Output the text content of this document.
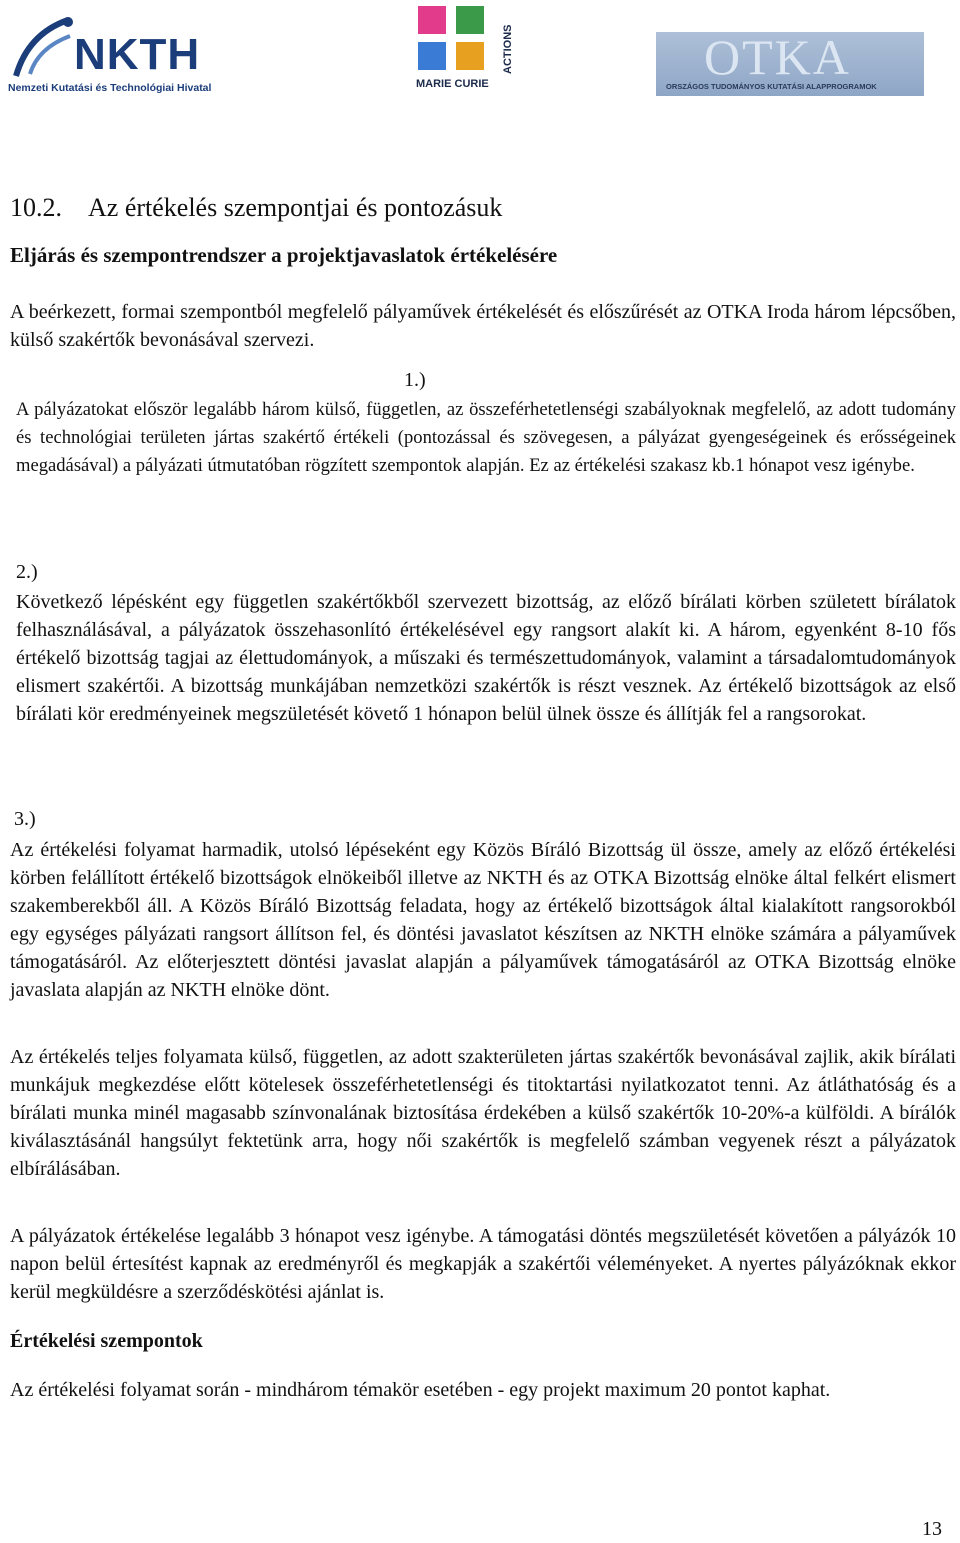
NKTH
Nemzeti Kutatási és Technológiai Hivatal
ACTIONS
MARIE CURIE	OTKA
ORSZÁGOS TUDOMÁNYOS KUTATÁSI ALAPPROGRAMOK
10.2. Az értékelés szempontjai és pontozásuk
Eljárás és szempontrendszer a projektjavaslatok értékelésére
A beérkezett, formai szempontból megfelelő pályaművek értékelését és előszűrését az OTKA Iroda három lépcsőben, külső szakértők bevonásával szervezi.
1.)
A pályázatokat először legalább három külső, független, az összeférhetetlenségi szabályoknak megfelelő, az adott tudomány és technológiai területen jártas szakértő értékeli (pontozással és szövegesen, a pályázat gyengeségeinek és erősségeinek megadásával) a pályázati útmutatóban rögzített szempontok alapján. Ez az értékelési szakasz kb.1 hónapot vesz igénybe.
2.)
Következő lépésként egy független szakértőkből szervezett bizottság, az előző bírálati körben született bírálatok felhasználásával, a pályázatok összehasonlító értékelésével egy rangsort alakít ki. A három, egyenként 8-10 fős értékelő bizottság tagjai az élettudományok, a műszaki és természettudományok, valamint a társadalomtudományok elismert szakértői. A bizottság munkájában nemzetközi szakértők is részt vesznek. Az értékelő bizottságok az első bírálati kör eredményeinek megszületését követő 1 hónapon belül ülnek össze és állítják fel a rangsorokat.
3.)
Az értékelési folyamat harmadik, utolsó lépéseként egy Közös Bíráló Bizottság ül össze, amely az előző értékelési körben felállított értékelő bizottságok elnökeiből illetve az NKTH és az OTKA Bizottság elnöke által felkért elismert szakemberekből áll. A Közös Bíráló Bizottság feladata, hogy az értékelő bizottságok által kialakított rangsorokból egy egységes pályázati rangsort állítson fel, és döntési javaslatot készítsen az NKTH elnöke számára a pályaművek támogatásáról. Az előterjesztett döntési javaslat alapján a pályaművek támogatásáról az OTKA Bizottság elnöke javaslata alapján az NKTH elnöke dönt.
Az értékelés teljes folyamata külső, független, az adott szakterületen jártas szakértők bevonásával zajlik, akik bírálati munkájuk megkezdése előtt kötelesek összeférhetetlenségi és titoktartási nyilatkozatot tenni. Az átláthatóság és a bírálati munka minél magasabb színvonalának biztosítása érdekében a külső szakértők 10-20%-a külföldi. A bírálók kiválasztásánál hangsúlyt fektetünk arra, hogy női szakértők is megfelelő számban vegyenek részt a pályázatok elbírálásában.
A pályázatok értékelése legalább 3 hónapot vesz igénybe. A támogatási döntés megszületését követően a pályázók 10 napon belül értesítést kapnak az eredményről és megkapják a szakértői véleményeket. A nyertes pályázóknak ekkor kerül megküldésre a szerződéskötési ajánlat is.
Értékelési szempontok
Az értékelési folyamat során - mindhárom témakör esetében - egy projekt maximum 20 pontot kaphat.
13
